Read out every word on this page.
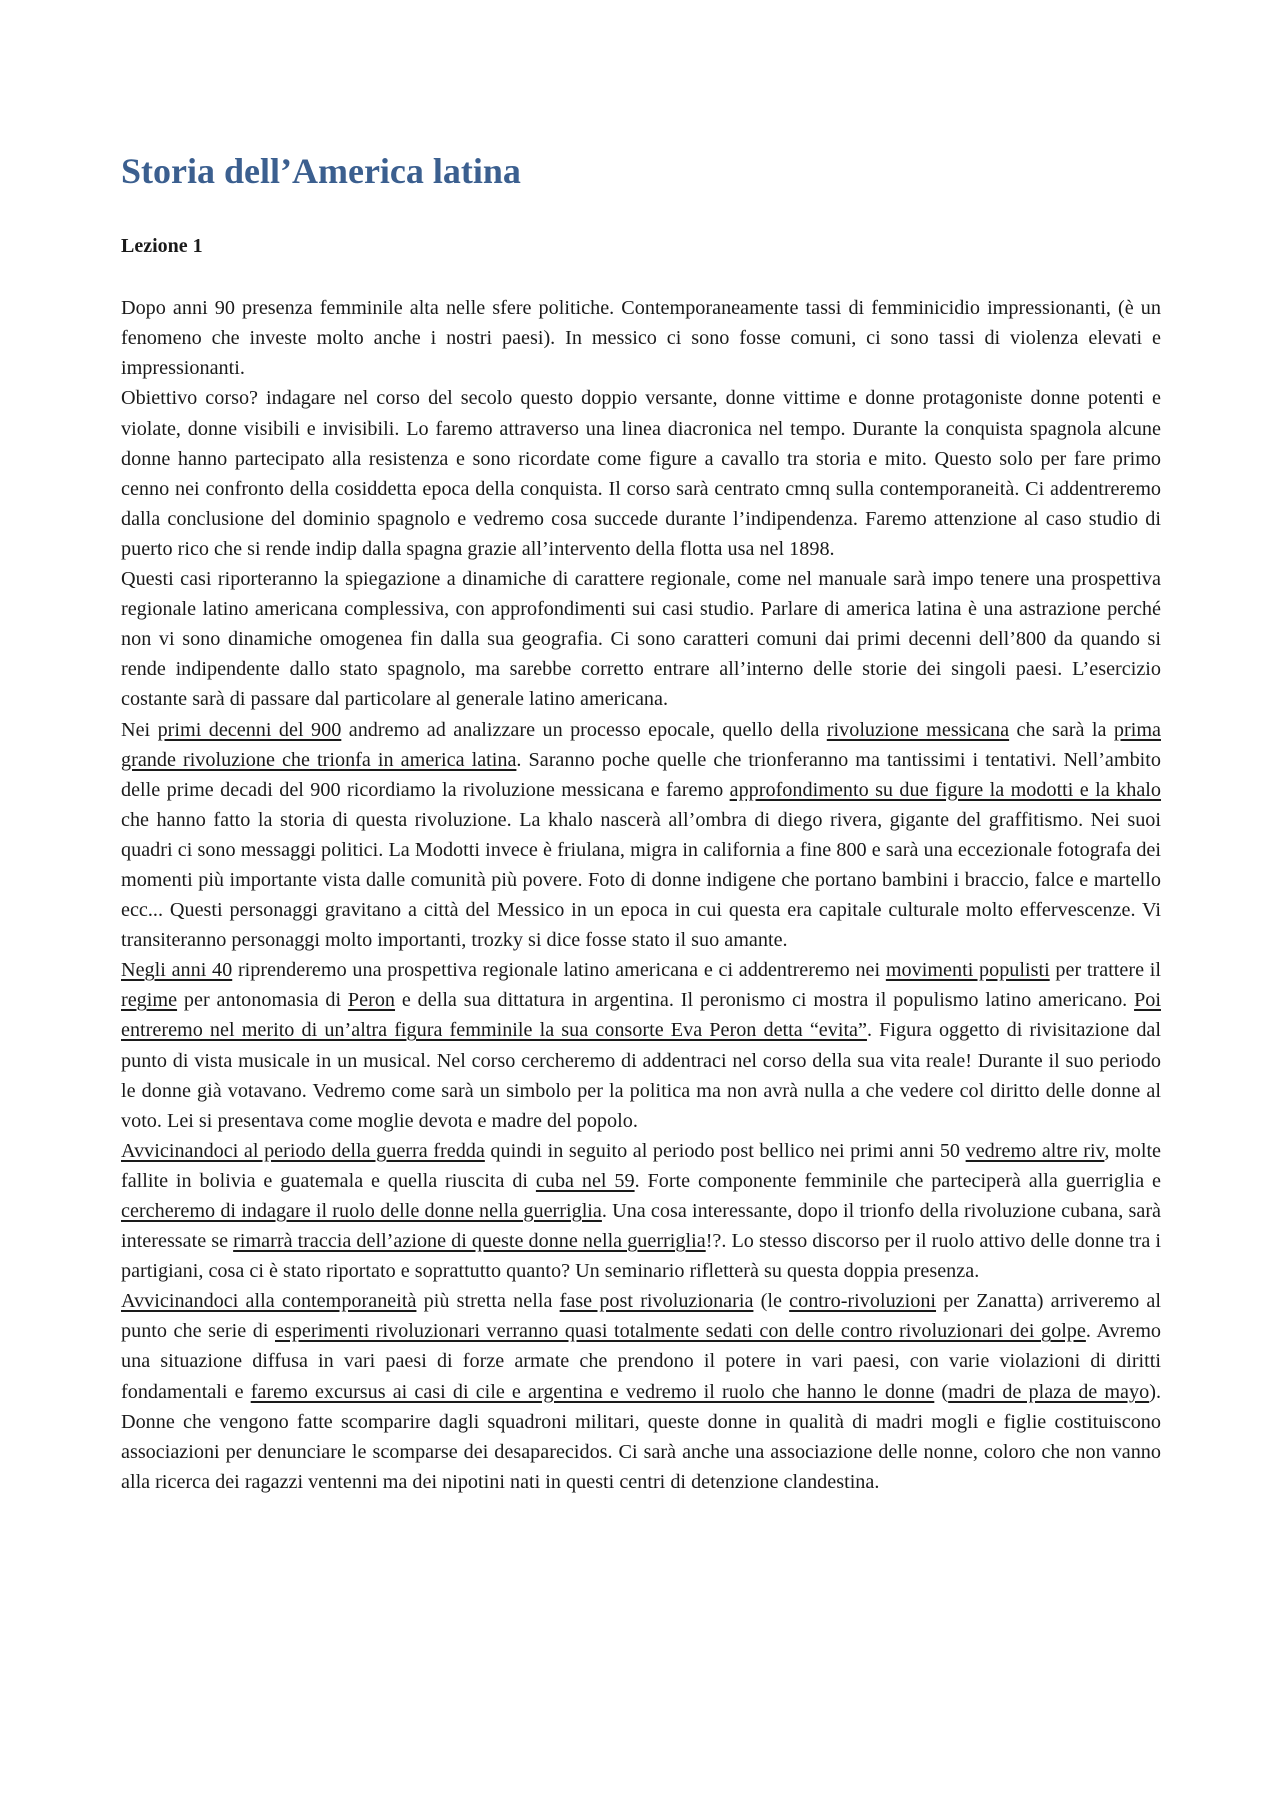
Storia dell’America latina
Lezione 1

Dopo anni 90 presenza femminile alta nelle sfere politiche. Contemporaneamente tassi di femminicidio impressionanti, (è un fenomeno che investe molto anche i nostri paesi). In messico ci sono fosse comuni, ci sono tassi di violenza elevati e impressionanti.

Obiettivo corso? indagare nel corso del secolo questo doppio versante, donne vittime e donne protagoniste donne potenti e violate, donne visibili e invisibili. Lo faremo attraverso una linea diacronica nel tempo. Durante la conquista spagnola alcune donne hanno partecipato alla resistenza e sono ricordate come figure a cavallo tra storia e mito. Questo solo per fare primo cenno nei confronto della cosiddetta epoca della conquista. Il corso sarà centrato cmnq sulla contemporaneità. Ci addentreremo dalla conclusione del dominio spagnolo e vedremo cosa succede durante l’indipendenza. Faremo attenzione al caso studio di puerto rico che si rende indip dalla spagna grazie all’intervento della flotta usa nel 1898.

Questi casi riporteranno la spiegazione a dinamiche di carattere regionale, come nel manuale sarà impo tenere una prospettiva regionale latino americana complessiva, con approfondimenti sui casi studio. Parlare di america latina è una astrazione perché non vi sono dinamiche omogenea fin dalla sua geografia. Ci sono caratteri comuni dai primi decenni dell’800 da quando si rende indipendente dallo stato spagnolo, ma sarebbe corretto entrare all’interno delle storie dei singoli paesi. L’esercizio costante sarà di passare dal particolare al generale latino americana.

Nei primi decenni del 900 andremo ad analizzare un processo epocale, quello della rivoluzione messicana che sarà la prima grande rivoluzione che trionfa in america latina. Saranno poche quelle che trionferanno ma tantissimi i tentativi. Nell’ambito delle prime decadi del 900 ricordiamo la rivoluzione messicana e faremo approfondimento su due figure la modotti e la khalo che hanno fatto la storia di questa rivoluzione. La khalo nascerà all’ombra di diego rivera, gigante del graffitismo. Nei suoi quadri ci sono messaggi politici. La Modotti invece è friulana, migra in california a fine 800 e sarà una eccezionale fotografa dei momenti più importante vista dalle comunità più povere. Foto di donne indigene che portano bambini i braccio, falce e martello ecc... Questi personaggi gravitano a città del Messico in un epoca in cui questa era capitale culturale molto effervescenze. Vi transiteranno personaggi molto importanti, trozky si dice fosse stato il suo amante.

Negli anni 40 riprenderemo una prospettiva regionale latino americana e ci addentreremo nei movimenti populisti per trattere il regime per antonomasia di Peron e della sua dittatura in argentina. Il peronismo ci mostra il populismo latino americano. Poi entreremo nel merito di un’altra figura femminile la sua consorte Eva Peron detta “evita”. Figura oggetto di rivisitazione dal punto di vista musicale in un musical. Nel corso cercheremo di addentraci nel corso della sua vita reale! Durante il suo periodo le donne già votavano. Vedremo come sarà un simbolo per la politica ma non avrà nulla a che vedere col diritto delle donne al voto. Lei si presentava come moglie devota e madre del popolo.

Avvicinandoci al periodo della guerra fredda quindi in seguito al periodo post bellico nei primi anni 50 vedremo altre riv, molte fallite in bolivia e guatemala e quella riuscita di cuba nel 59. Forte componente femminile che parteciperà alla guerriglia e cercheremo di indagare il ruolo delle donne nella guerriglia. Una cosa interessante, dopo il trionfo della rivoluzione cubana, sarà interessate se rimarrà traccia dell’azione di queste donne nella guerriglia!?. Lo stesso discorso per il ruolo attivo delle donne tra i partigiani, cosa ci è stato riportato e soprattutto quanto? Un seminario rifletterà su questa doppia presenza.

Avvicinandoci alla contemporaneità più stretta nella fase post rivoluzionaria (le contro-rivoluzioni per Zanatta) arriveremo al punto che serie di esperimenti rivoluzionari verranno quasi totalmente sedati con delle contro rivoluzionari dei golpe. Avremo una situazione diffusa in vari paesi di forze armate che prendono il potere in vari paesi, con varie violazioni di diritti fondamentali e faremo excursus ai casi di cile e argentina e vedremo il ruolo che hanno le donne (madri de plaza de mayo). Donne che vengono fatte scomparire dagli squadroni militari, queste donne in qualità di madri mogli e figlie costituiscono associazioni per denunciare le scomparse dei desaparecidos. Ci sarà anche una associazione delle nonne, coloro che non vanno alla ricerca dei ragazzi ventenni ma dei nipotini nati in questi centri di detenzione clandestina.
